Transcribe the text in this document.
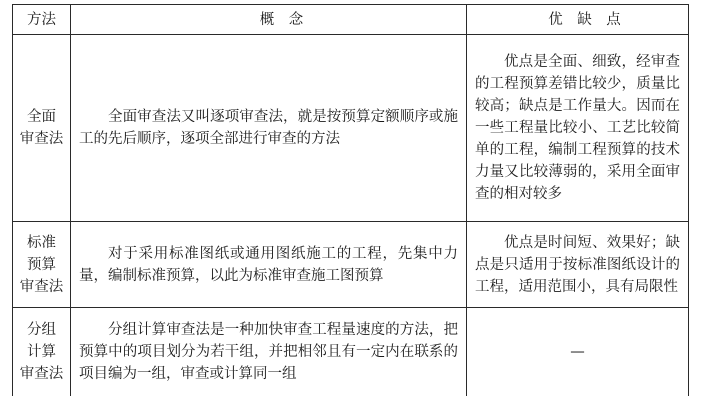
方法	概　念	优　缺　点

全面
审查法	全面审查法又叫逐项审查法，就是按预算定额顺序或施工的先后顺序，逐项全部进行审查的方法	优点是全面、细致，经审查的工程预算差错比较少，质量比较高；缺点是工作量大。因而在一些工程量比较小、工艺比较简单的工程，编制工程预算的技术力量又比较薄弱的，采用全面审查的相对较多

标准
预算
审查法	对于采用标准图纸或通用图纸施工的工程，先集中力量，编制标准预算，以此为标准审查施工图预算	优点是时间短、效果好；缺点是只适用于按标准图纸设计的工程，适用范围小，具有局限性

分组
计算
审查法	分组计算审查法是一种加快审查工程量速度的方法，把预算中的项目划分为若干组，并把相邻且有一定内在联系的项目编为一组，审查或计算同一组	—
